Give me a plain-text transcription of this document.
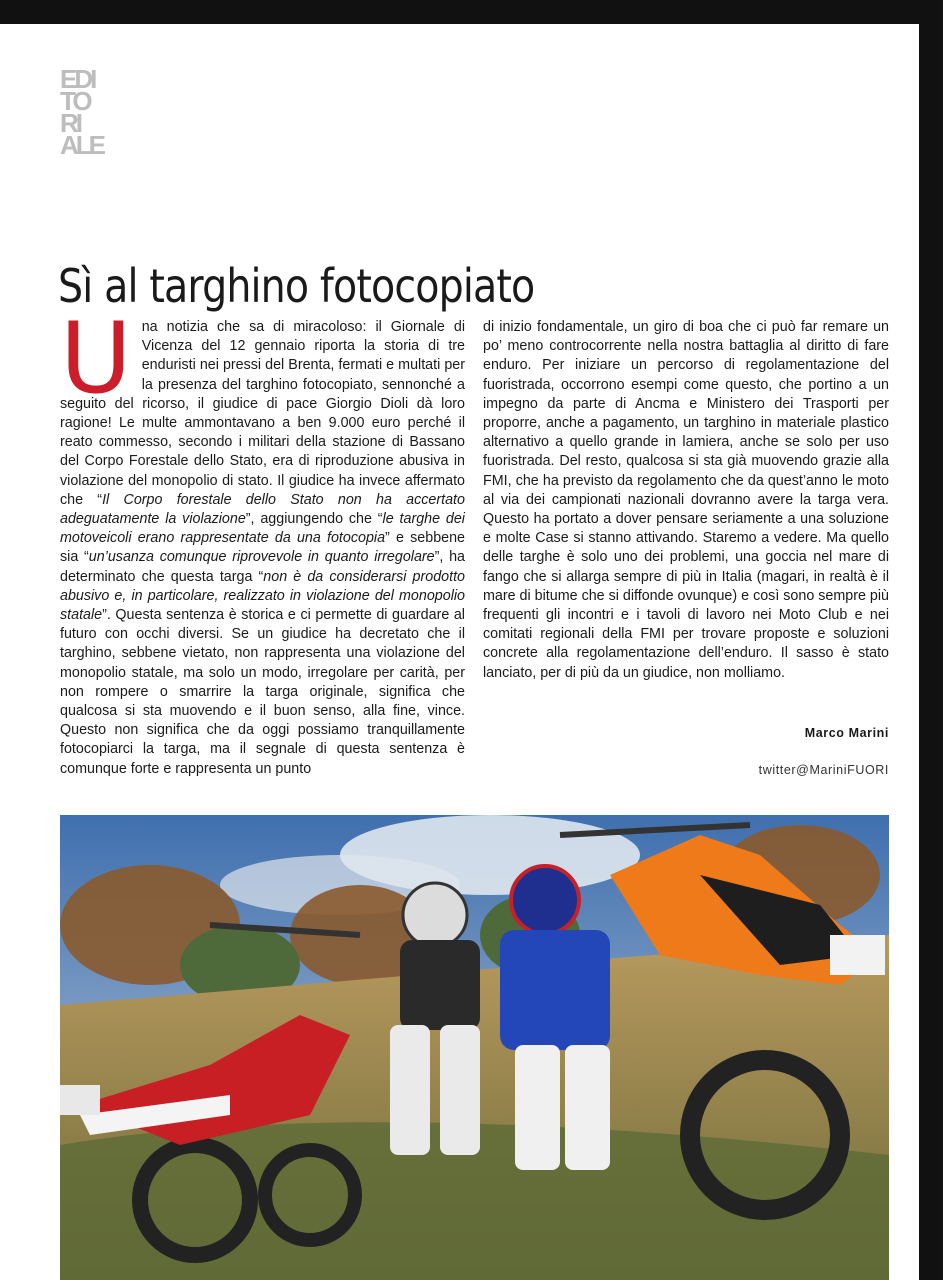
EDI
TO
RI
ALE
Sì al targhino fotocopiato

Una notizia che sa di miracoloso: il Giornale di Vicenza del 12 gennaio riporta la storia di tre enduristi nei pressi del Brenta, fermati e multati per la presenza del targhino fotocopiato, sennonché a seguito del ricorso, il giudice di pace Giorgio Dioli dà loro ragione! Le multe ammontavano a ben 9.000 euro perché il reato commesso, secondo i militari della stazione di Bassano del Corpo Forestale dello Stato, era di riproduzione abusiva in violazione del monopolio di stato. Il giudice ha invece affermato che “Il Corpo forestale dello Stato non ha accertato adeguatamente la violazione”, aggiungendo che “le targhe dei motoveicoli erano rappresentate da una fotocopia” e sebbene sia “un’usanza comunque riprovevole in quanto irregolare”, ha determinato che questa targa “non è da considerarsi prodotto abusivo e, in particolare, realizzato in violazione del monopolio statale”. Questa sentenza è storica e ci permette di guardare al futuro con occhi diversi. Se un giudice ha decretato che il targhino, sebbene vietato, non rappresenta una violazione del monopolio statale, ma solo un modo, irregolare per carità, per non rompere o smarrire la targa originale, significa che qualcosa si sta muovendo e il buon senso, alla fine, vince. Questo non significa che da oggi possiamo tranquillamente fotocopiarci la targa, ma il segnale di questa sentenza è comunque forte e rappresenta un punto

di inizio fondamentale, un giro di boa che ci può far remare un po’ meno controcorrente nella nostra battaglia al diritto di fare enduro. Per iniziare un percorso di regolamentazione del fuoristrada, occorrono esempi come questo, che portino a un impegno da parte di Ancma e Ministero dei Trasporti per proporre, anche a pagamento, un targhino in materiale plastico alternativo a quello grande in lamiera, anche se solo per uso fuoristrada. Del resto, qualcosa si sta già muovendo grazie alla FMI, che ha previsto da regolamento che da quest’anno le moto al via dei campionati nazionali dovranno avere la targa vera. Questo ha portato a dover pensare seriamente a una soluzione e molte Case si stanno attivando. Staremo a vedere. Ma quello delle targhe è solo uno dei problemi, una goccia nel mare di fango che si allarga sempre di più in Italia (magari, in realtà è il mare di bitume che si diffonde ovunque) e così sono sempre più frequenti gli incontri e i tavoli di lavoro nei Moto Club e nei comitati regionali della FMI per trovare proposte e soluzioni concrete alla regolamentazione dell’enduro. Il sasso è stato lanciato, per di più da un giudice, non molliamo.

Marco Marini
twitter@MariniFUORI
